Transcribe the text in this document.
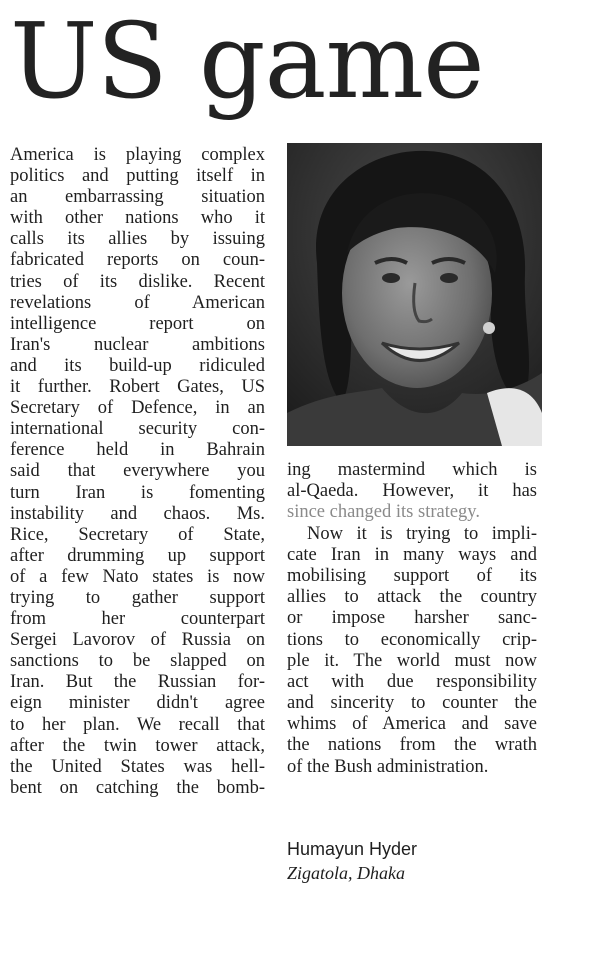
US game
America is playing complex
politics and putting itself in
an embarrassing situation
with other nations who it
calls its allies by issuing
fabricated reports on coun-
tries of its dislike. Recent
revelations of American
intelligence report on
Iran's nuclear ambitions
and its build-up ridiculed
it further. Robert Gates, US
Secretary of Defence, in an
international security con-
ference held in Bahrain
said that everywhere you
turn Iran is fomenting
instability and chaos. Ms.
Rice, Secretary of State,
after drumming up support
of a few Nato states is now
trying to gather support
from her counterpart
Sergei Lavorov of Russia on
sanctions to be slapped on
Iran. But the Russian for-
eign minister didn't agree
to her plan. We recall that
after the twin tower attack,
the United States was hell-
bent on catching the bomb-
ing mastermind which is
al-Qaeda. However, it has
since changed its strategy.
Now it is trying to impli-
cate Iran in many ways and
mobilising support of its
allies to attack the country
or impose harsher sanc-
tions to economically crip-
ple it. The world must now
act with due responsibility
and sincerity to counter the
whims of America and save
the nations from the wrath
of the Bush administration.
Humayun Hyder
Zigatola, Dhaka
